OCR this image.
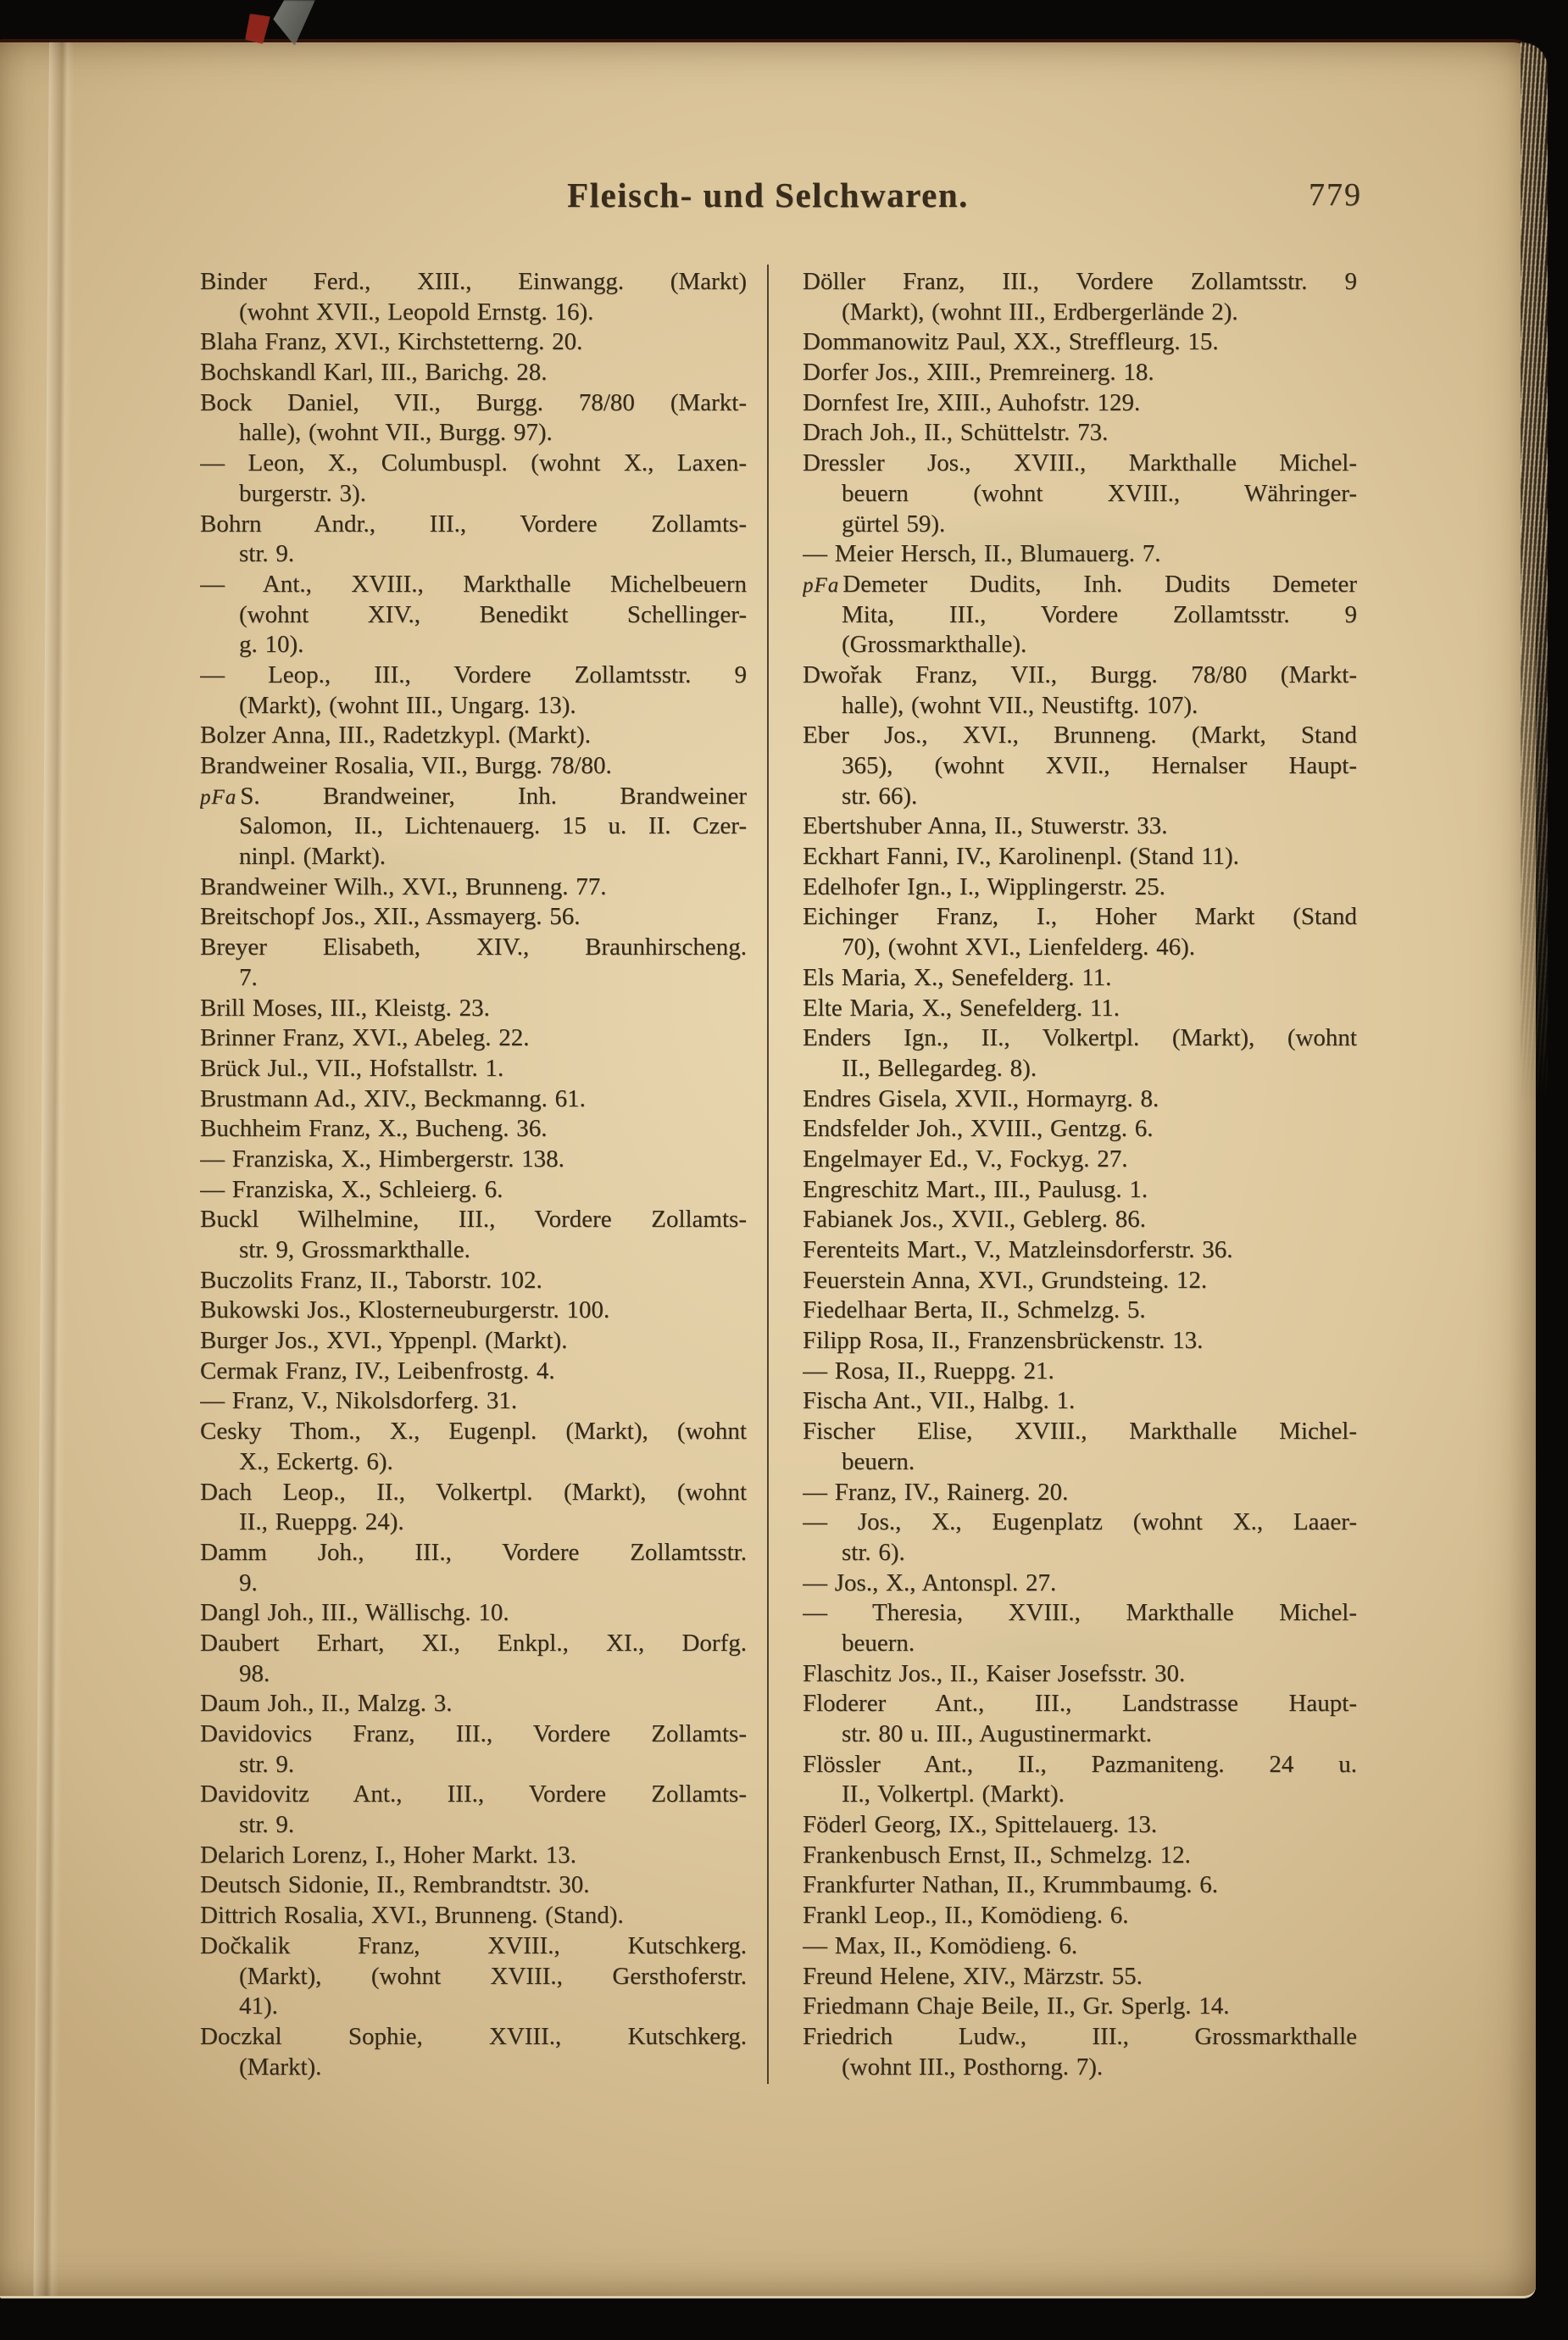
Fleisch- und Selchwaren.	779

Binder Ferd., XIII., Einwangg. (Markt)
(wohnt XVII., Leopold Ernstg. 16).

Blaha Franz, XVI., Kirchstetterng. 20.

Bochskandl Karl, III., Barichg. 28.

Bock Daniel, VII., Burgg. 78/80 (Markt-
halle), (wohnt VII., Burgg. 97).

— Leon, X., Columbuspl. (wohnt X., Laxen-
burgerstr. 3).

Bohrn Andr., III., Vordere Zollamts-
str. 9.

— Ant., XVIII., Markthalle Michelbeuern
(wohnt XIV., Benedikt Schellinger-
g. 10).

— Leop., III., Vordere Zollamtsstr. 9
(Markt), (wohnt III., Ungarg. 13).

Bolzer Anna, III., Radetzkypl. (Markt).

Brandweiner Rosalia, VII., Burgg. 78/80.

pFa S. Brandweiner, Inh. Brandweiner
Salomon, II., Lichtenauerg. 15 u. II. Czer-
ninpl. (Markt).

Brandweiner Wilh., XVI., Brunneng. 77.

Breitschopf Jos., XII., Assmayerg. 56.

Breyer Elisabeth, XIV., Braunhirscheng.
7.

Brill Moses, III., Kleistg. 23.

Brinner Franz, XVI., Abeleg. 22.

Brück Jul., VII., Hofstallstr. 1.

Brustmann Ad., XIV., Beckmanng. 61.

Buchheim Franz, X., Bucheng. 36.

— Franziska, X., Himbergerstr. 138.

— Franziska, X., Schleierg. 6.

Buckl Wilhelmine, III., Vordere Zollamts-
str. 9, Grossmarkthalle.

Buczolits Franz, II., Taborstr. 102.

Bukowski Jos., Klosterneuburgerstr. 100.

Burger Jos., XVI., Yppenpl. (Markt).

Cermak Franz, IV., Leibenfrostg. 4.

— Franz, V., Nikolsdorferg. 31.

Cesky Thom., X., Eugenpl. (Markt), (wohnt
X., Eckertg. 6).

Dach Leop., II., Volkertpl. (Markt), (wohnt
II., Rueppg. 24).

Damm Joh., III., Vordere Zollamtsstr.
9.

Dangl Joh., III., Wällischg. 10.

Daubert Erhart, XI., Enkpl., XI., Dorfg.
98.

Daum Joh., II., Malzg. 3.

Davidovics Franz, III., Vordere Zollamts-
str. 9.

Davidovitz Ant., III., Vordere Zollamts-
str. 9.

Delarich Lorenz, I., Hoher Markt. 13.

Deutsch Sidonie, II., Rembrandtstr. 30.

Dittrich Rosalia, XVI., Brunneng. (Stand).

Dočkalik Franz, XVIII., Kutschkerg.
(Markt), (wohnt XVIII., Gersthoferstr.
41).

Doczkal Sophie, XVIII., Kutschkerg.
(Markt).

Döller Franz, III., Vordere Zollamtsstr. 9
(Markt), (wohnt III., Erdbergerlände 2).

Dommanowitz Paul, XX., Streffleurg. 15.

Dorfer Jos., XIII., Premreinerg. 18.

Dornfest Ire, XIII., Auhofstr. 129.

Drach Joh., II., Schüttelstr. 73.

Dressler Jos., XVIII., Markthalle Michel-
beuern (wohnt XVIII., Währinger-
gürtel 59).

— Meier Hersch, II., Blumauerg. 7.

pFa Demeter Dudits, Inh. Dudits Demeter
Mita, III., Vordere Zollamtsstr. 9
(Grossmarkthalle).

Dwořak Franz, VII., Burgg. 78/80 (Markt-
halle), (wohnt VII., Neustiftg. 107).

Eber Jos., XVI., Brunneng. (Markt, Stand
365), (wohnt XVII., Hernalser Haupt-
str. 66).

Ebertshuber Anna, II., Stuwerstr. 33.

Eckhart Fanni, IV., Karolinenpl. (Stand 11).

Edelhofer Ign., I., Wipplingerstr. 25.

Eichinger Franz, I., Hoher Markt (Stand
70), (wohnt XVI., Lienfelderg. 46).

Els Maria, X., Senefelderg. 11.

Elte Maria, X., Senefelderg. 11.

Enders Ign., II., Volkertpl. (Markt), (wohnt
II., Bellegardeg. 8).

Endres Gisela, XVII., Hormayrg. 8.

Endsfelder Joh., XVIII., Gentzg. 6.

Engelmayer Ed., V., Fockyg. 27.

Engreschitz Mart., III., Paulusg. 1.

Fabianek Jos., XVII., Geblerg. 86.

Ferenteits Mart., V., Matzleinsdorferstr. 36.

Feuerstein Anna, XVI., Grundsteing. 12.

Fiedelhaar Berta, II., Schmelzg. 5.

Filipp Rosa, II., Franzensbrückenstr. 13.

— Rosa, II., Rueppg. 21.

Fischa Ant., VII., Halbg. 1.

Fischer Elise, XVIII., Markthalle Michel-
beuern.

— Franz, IV., Rainerg. 20.

— Jos., X., Eugenplatz (wohnt X., Laaer-
str. 6).

— Jos., X., Antonspl. 27.

— Theresia, XVIII., Markthalle Michel-
beuern.

Flaschitz Jos., II., Kaiser Josefsstr. 30.

Floderer Ant., III., Landstrasse Haupt-
str. 80 u. III., Augustinermarkt.

Flössler Ant., II., Pazmaniteng. 24 u.
II., Volkertpl. (Markt).

Föderl Georg, IX., Spittelauerg. 13.

Frankenbusch Ernst, II., Schmelzg. 12.

Frankfurter Nathan, II., Krummbaumg. 6.

Frankl Leop., II., Komödieng. 6.

— Max, II., Komödieng. 6.

Freund Helene, XIV., Märzstr. 55.

Friedmann Chaje Beile, II., Gr. Sperlg. 14.

Friedrich Ludw., III., Grossmarkthalle
(wohnt III., Posthorng. 7).
